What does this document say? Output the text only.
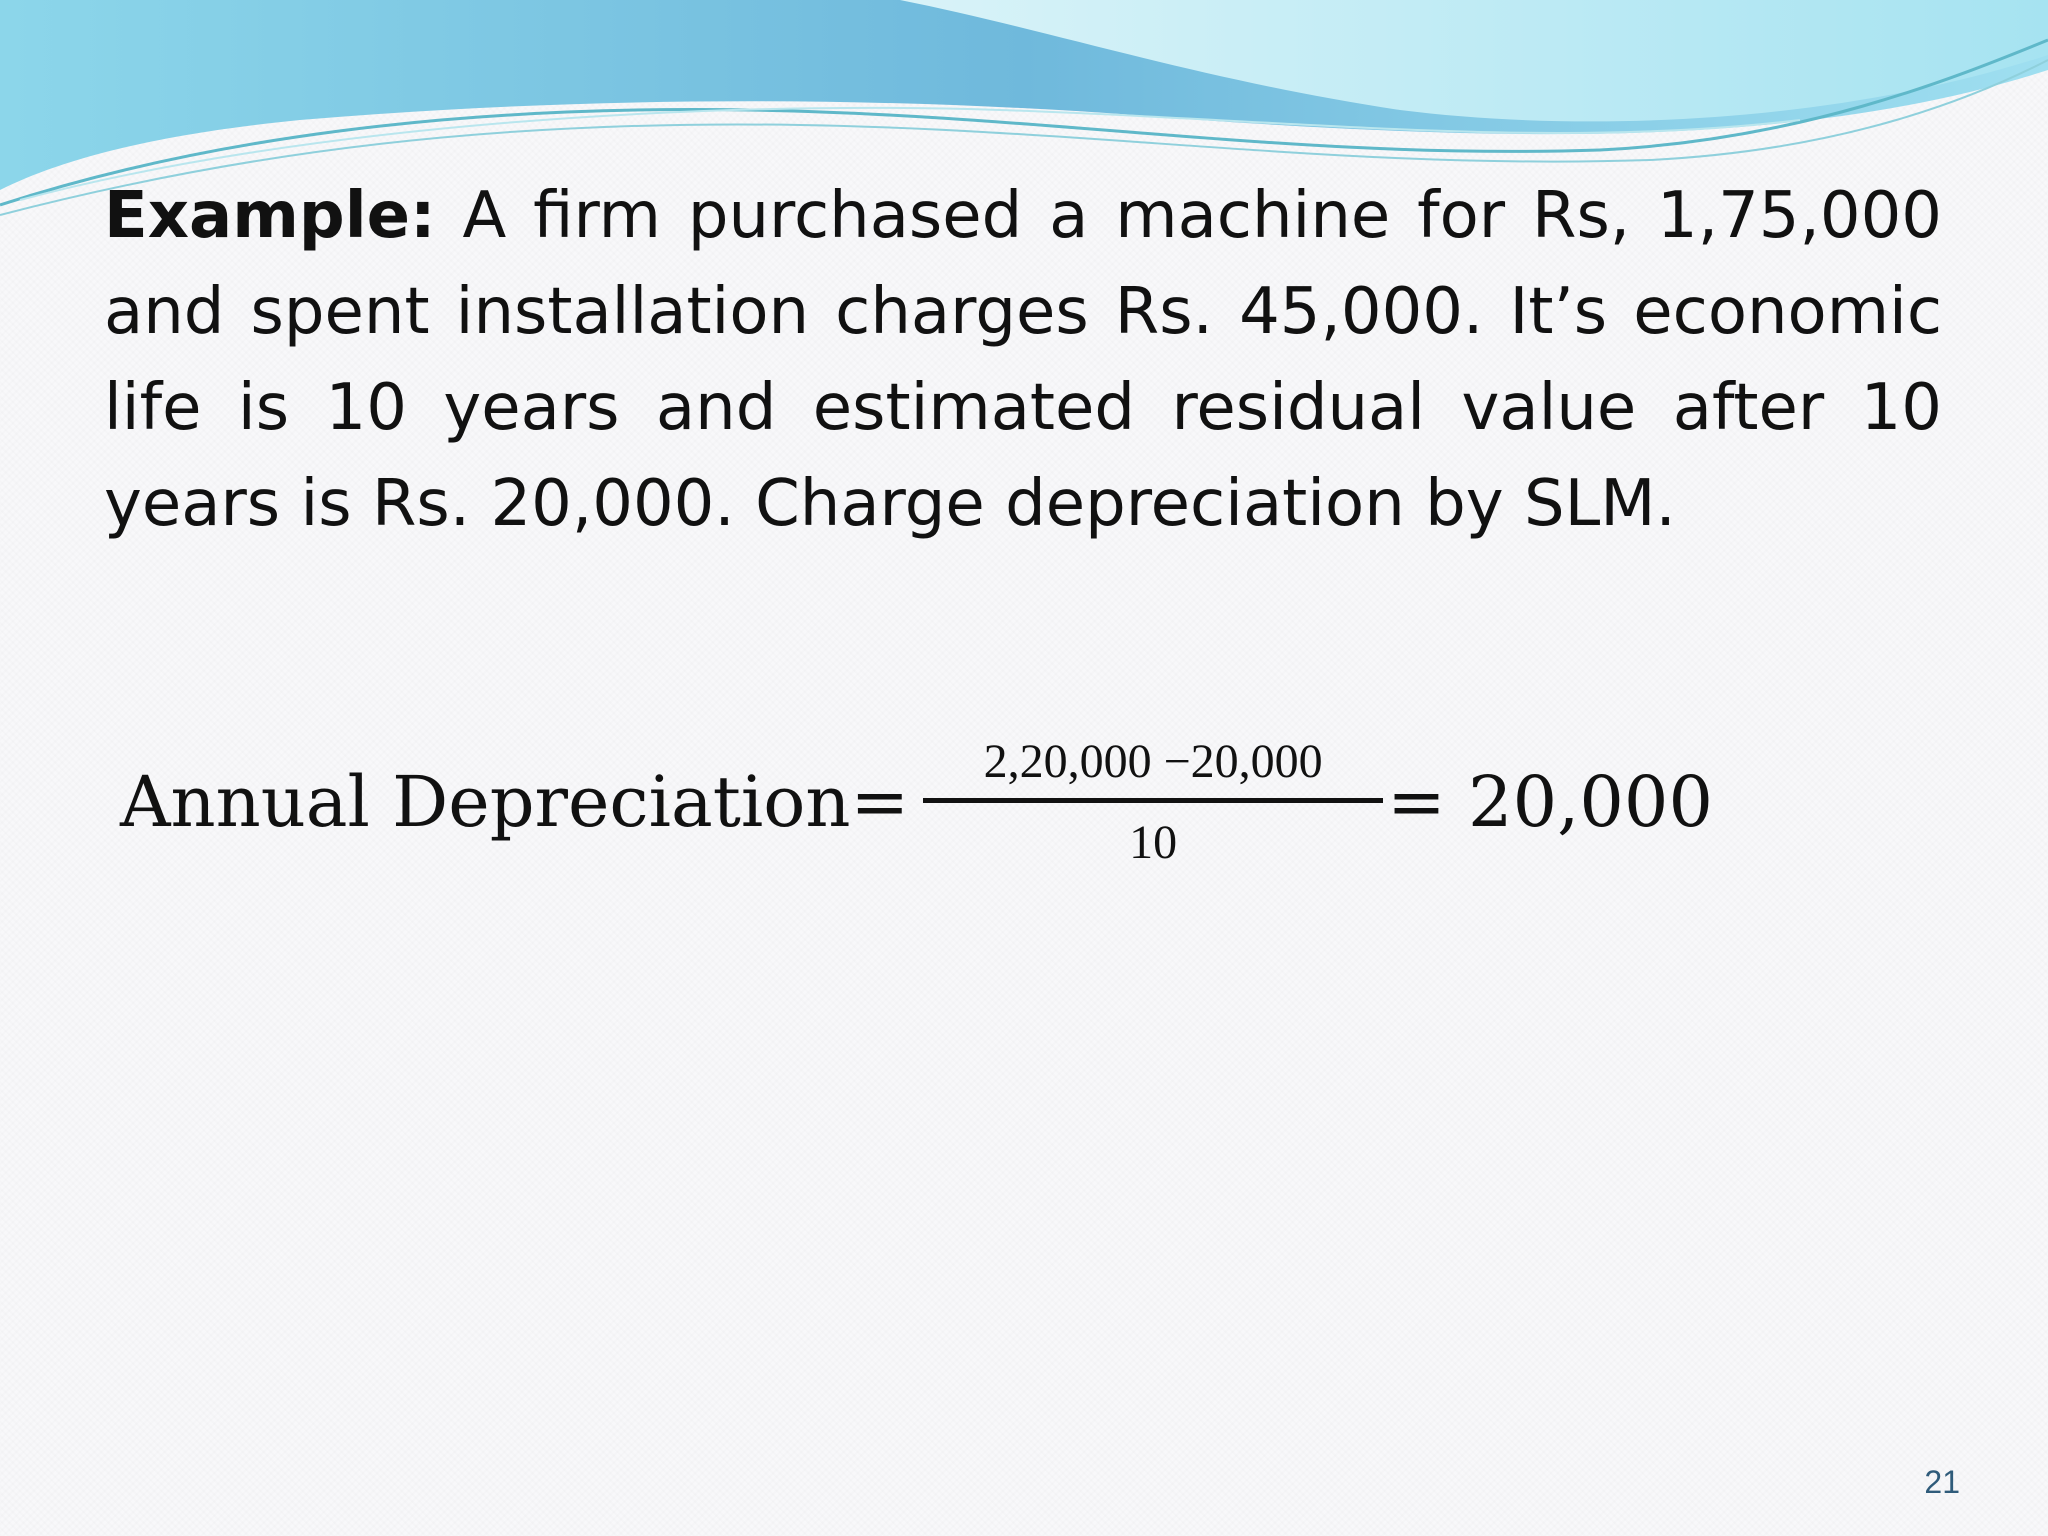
Example: A firm purchased a machine for Rs, 1,75,000 and spent installation charges Rs. 45,000. It’s economic life is 10 years and estimated residual value after 10 years is Rs. 20,000. Charge depreciation by SLM.

Annual Depreciation= 2,20,000 −20,000
10	= 20,000
21
